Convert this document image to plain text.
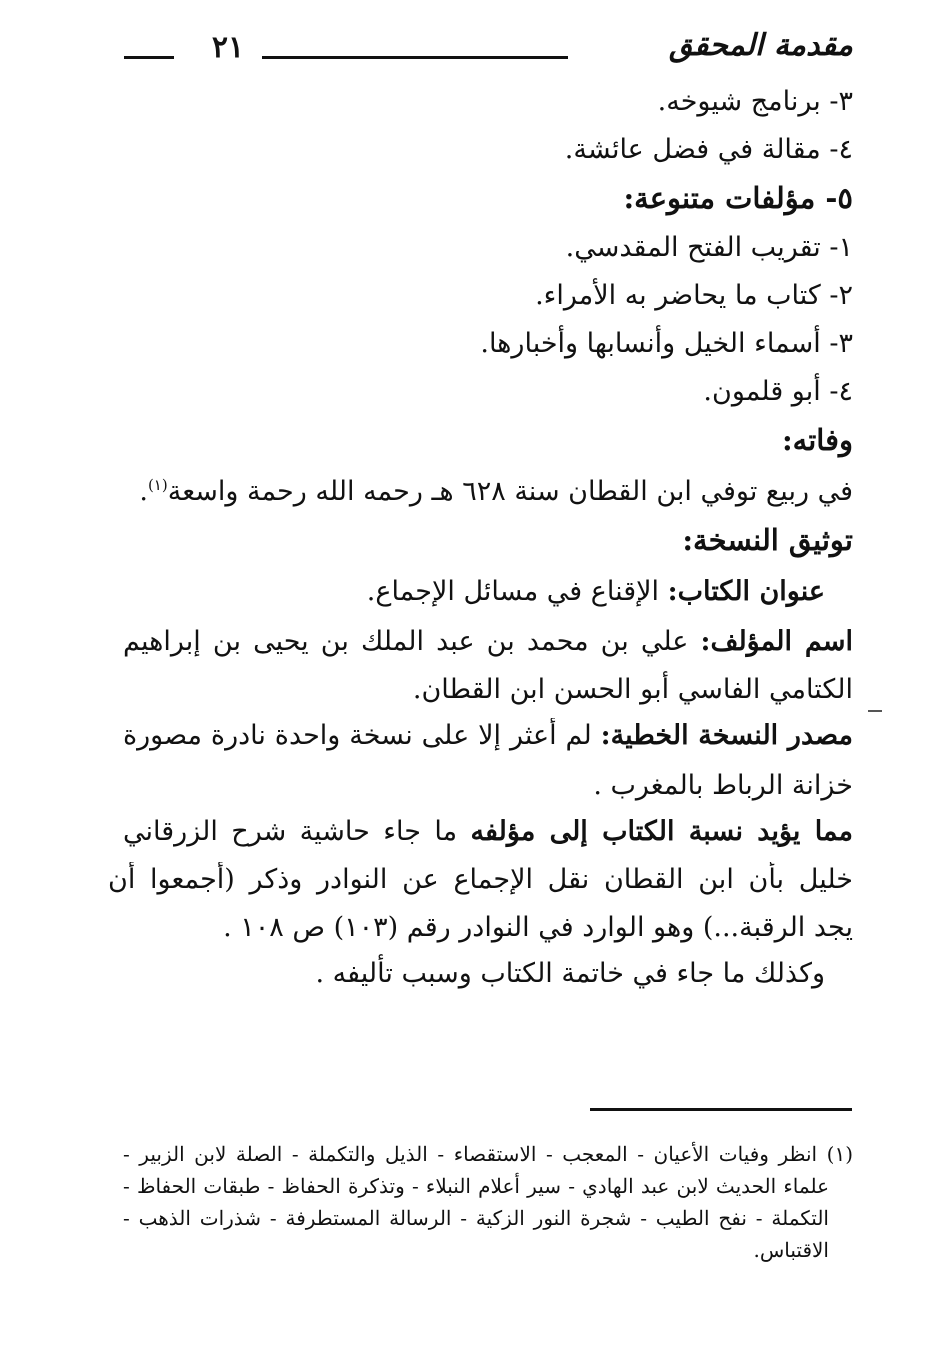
٢١	مقدمة المحقق
٣- برنامج شيوخه.
٤- مقالة في فضل عائشة.
٥- مؤلفات متنوعة:
١- تقريب الفتح المقدسي.
٢- كتاب ما يحاضر به الأمراء.
٣- أسماء الخيل وأنسابها وأخبارها.
٤- أبو قلمون.
وفاته:
في ربيع توفي ابن القطان سنة ٦٢٨ هـ رحمه الله رحمة واسعة$^{(١)}$.
توثيق النسخة:
عنوان الكتاب: الإقناع في مسائل الإجماع.
اسم المؤلف: علي بن محمد بن عبد الملك بن يحيى بن إبراهيم
الكتامي الفاسي أبو الحسن ابن القطان.
مصدر النسخة الخطية: لم أعثر إلا على نسخة واحدة نادرة مصورة
خزانة الرباط بالمغرب .
مما يؤيد نسبة الكتاب إلى مؤلفه ما جاء حاشية شرح الزرقاني
خليل بأن ابن القطان نقل الإجماع عن النوادر وذكر (أجمعوا أن
يجد الرقبة...) وهو الوارد في النوادر رقم (١٠٣) ص ١٠٨ .
وكذلك ما جاء في خاتمة الكتاب وسبب تأليفه .
(١) انظر وفيات الأعيان - المعجب - الاستقصاء - الذيل والتكملة - الصلة لابن الزبير -
علماء الحديث لابن عبد الهادي - سير أعلام النبلاء - وتذكرة الحفاظ - طبقات الحفاظ -
التكملة - نفح الطيب - شجرة النور الزكية - الرسالة المستطرفة - شذرات الذهب -
الاقتباس.
